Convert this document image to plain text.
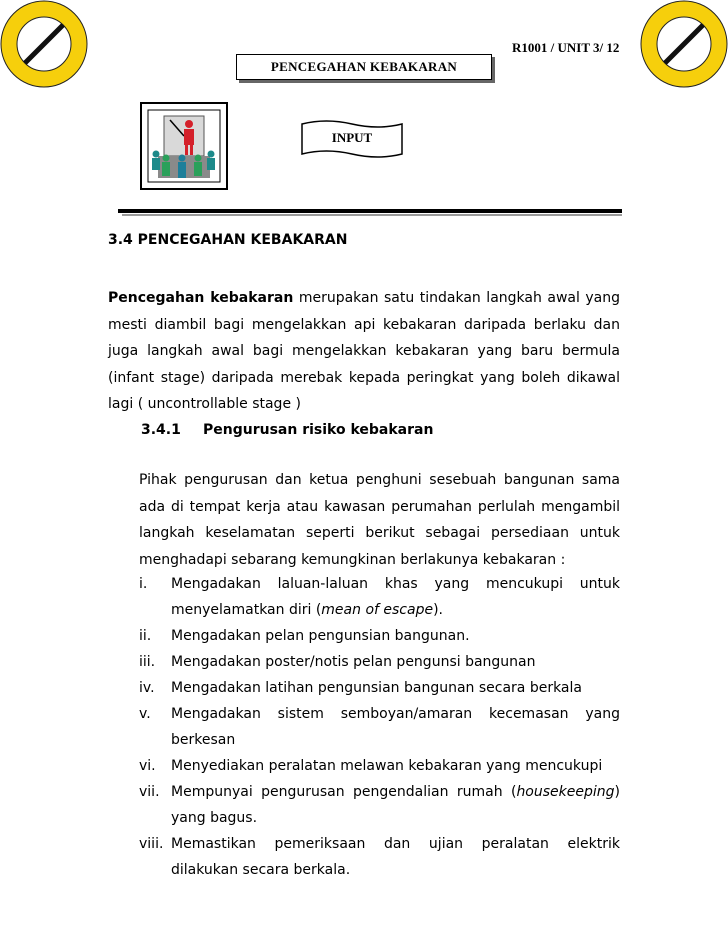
R1001 / UNIT 3/ 12
PENCEGAHAN KEBAKARAN
INPUT
3.4 PENCEGAHAN KEBAKARAN
Pencegahan kebakaran merupakan satu tindakan langkah awal yang mesti diambil bagi mengelakkan api kebakaran daripada berlaku dan juga langkah awal bagi mengelakkan kebakaran yang baru bermula (infant stage) daripada merebak kepada peringkat yang boleh dikawal lagi ( uncontrollable stage )
3.4.1 Pengurusan risiko kebakaran
Pihak pengurusan dan ketua penghuni sesebuah bangunan sama ada di tempat kerja atau kawasan perumahan perlulah mengambil langkah keselamatan seperti berikut sebagai persediaan untuk menghadapi sebarang kemungkinan berlakunya kebakaran :
i.	Mengadakan laluan-laluan khas yang mencukupi untuk menyelamatkan diri (mean of escape).
ii.	Mengadakan pelan pengunsian bangunan.
iii.	Mengadakan poster/notis pelan pengunsi bangunan
iv.	Mengadakan latihan pengunsian bangunan secara berkala
v.	Mengadakan sistem semboyan/amaran kecemasan yang berkesan
vi.	Menyediakan peralatan melawan kebakaran yang mencukupi
vii. Mempunyai pengurusan pengendalian rumah (housekeeping) yang bagus.
viii. Memastikan pemeriksaan dan ujian peralatan elektrik dilakukan secara berkala.
